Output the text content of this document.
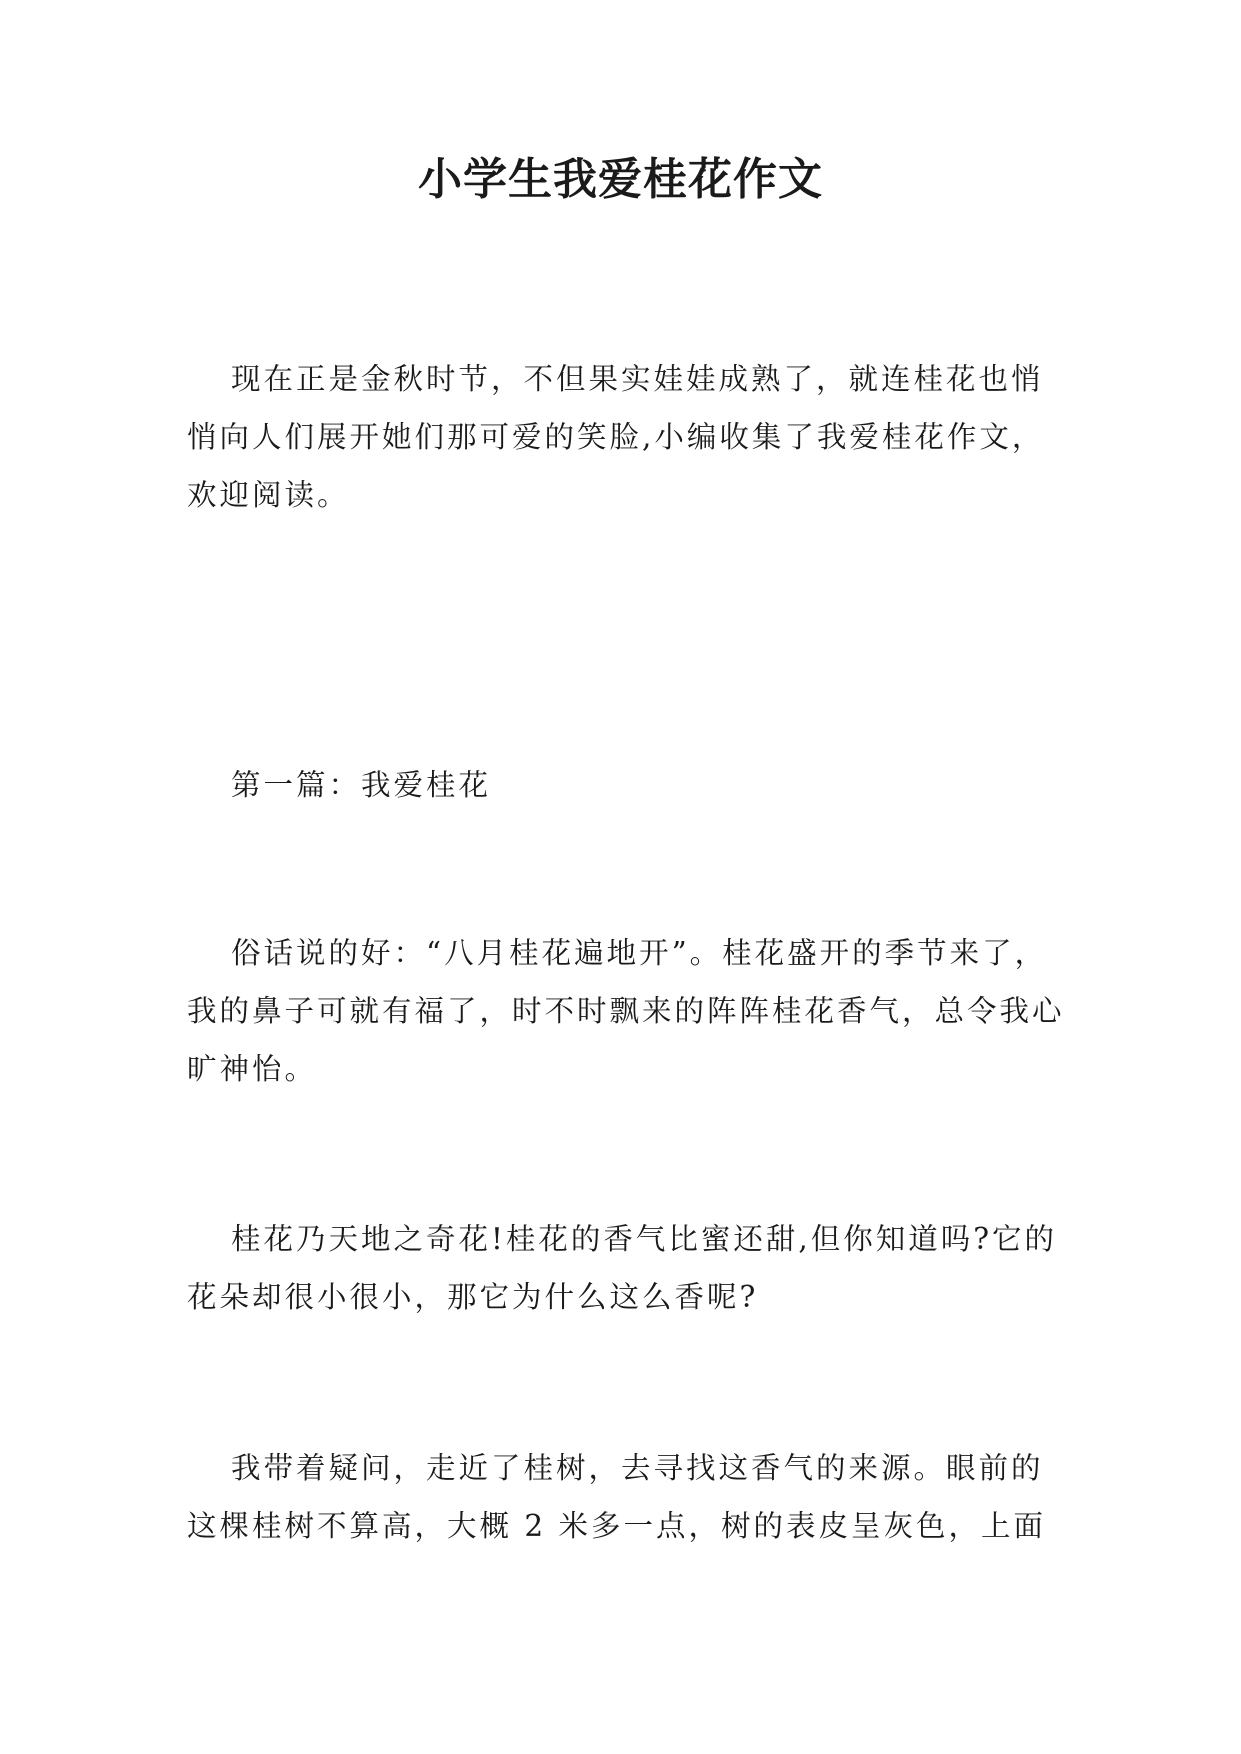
小学生我爱桂花作文

现在正是金秋时节，不但果实娃娃成熟了，就连桂花也悄悄向人们展开她们那可爱的笑脸,小编收集了我爱桂花作文，欢迎阅读。

第一篇：我爱桂花

俗话说的好：“八月桂花遍地开”。桂花盛开的季节来了，我的鼻子可就有福了，时不时飘来的阵阵桂花香气，总令我心旷神怡。

桂花乃天地之奇花!桂花的香气比蜜还甜,但你知道吗?它的花朵却很小很小，那它为什么这么香呢?

我带着疑问，走近了桂树，去寻找这香气的来源。眼前的这棵桂树不算高，大概 2 米多一点，树的表皮呈灰色，上面
